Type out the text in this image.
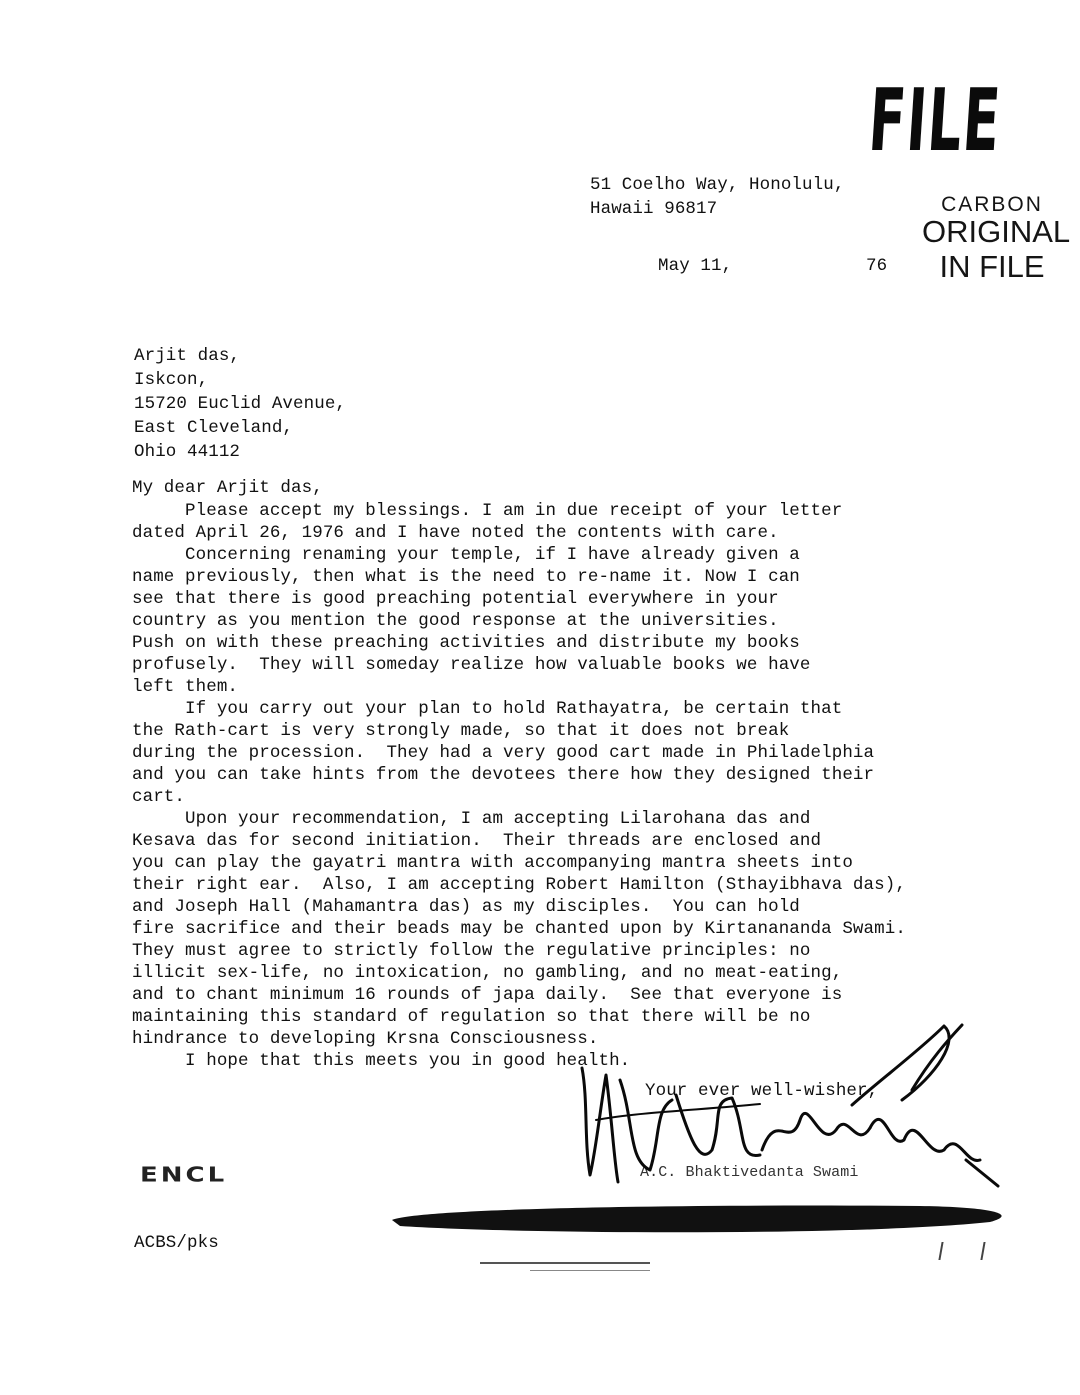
FILE
CARBON
ORIGINAL
IN FILE
51 Coelho Way, Honolulu,
Hawaii 96817
May 11,	76
Arjit das,
Iskcon,
15720 Euclid Avenue,
East Cleveland,
Ohio 44112
My dear Arjit das,
Please accept my blessings. I am in due receipt of your letter
dated April 26, 1976 and I have noted the contents with care.
Concerning renaming your temple, if I have already given a
name previously, then what is the need to re-name it. Now I can
see that there is good preaching potential everywhere in your
country as you mention the good response at the universities.
Push on with these preaching activities and distribute my books
profusely.  They will someday realize how valuable books we have
left them.
If you carry out your plan to hold Rathayatra, be certain that
the Rath-cart is very strongly made, so that it does not break
during the procession.  They had a very good cart made in Philadelphia
and you can take hints from the devotees there how they designed their
cart.
Upon your recommendation, I am accepting Lilarohana das and
Kesava das for second initiation.  Their threads are enclosed and
you can play the gayatri mantra with accompanying mantra sheets into
their right ear.  Also, I am accepting Robert Hamilton (Sthayibhava das),
and Joseph Hall (Mahamantra das) as my disciples.  You can hold
fire sacrifice and their beads may be chanted upon by Kirtanananda Swami.
They must agree to strictly follow the regulative principles: no
illicit sex-life, no intoxication, no gambling, and no meat-eating,
and to chant minimum 16 rounds of japa daily.  See that everyone is
maintaining this standard of regulation so that there will be no
hindrance to developing Krsna Consciousness.
I hope that this meets you in good health.
Your ever well-wisher,
A.C. Bhaktivedanta Swami
ENCL
ACBS/pks
